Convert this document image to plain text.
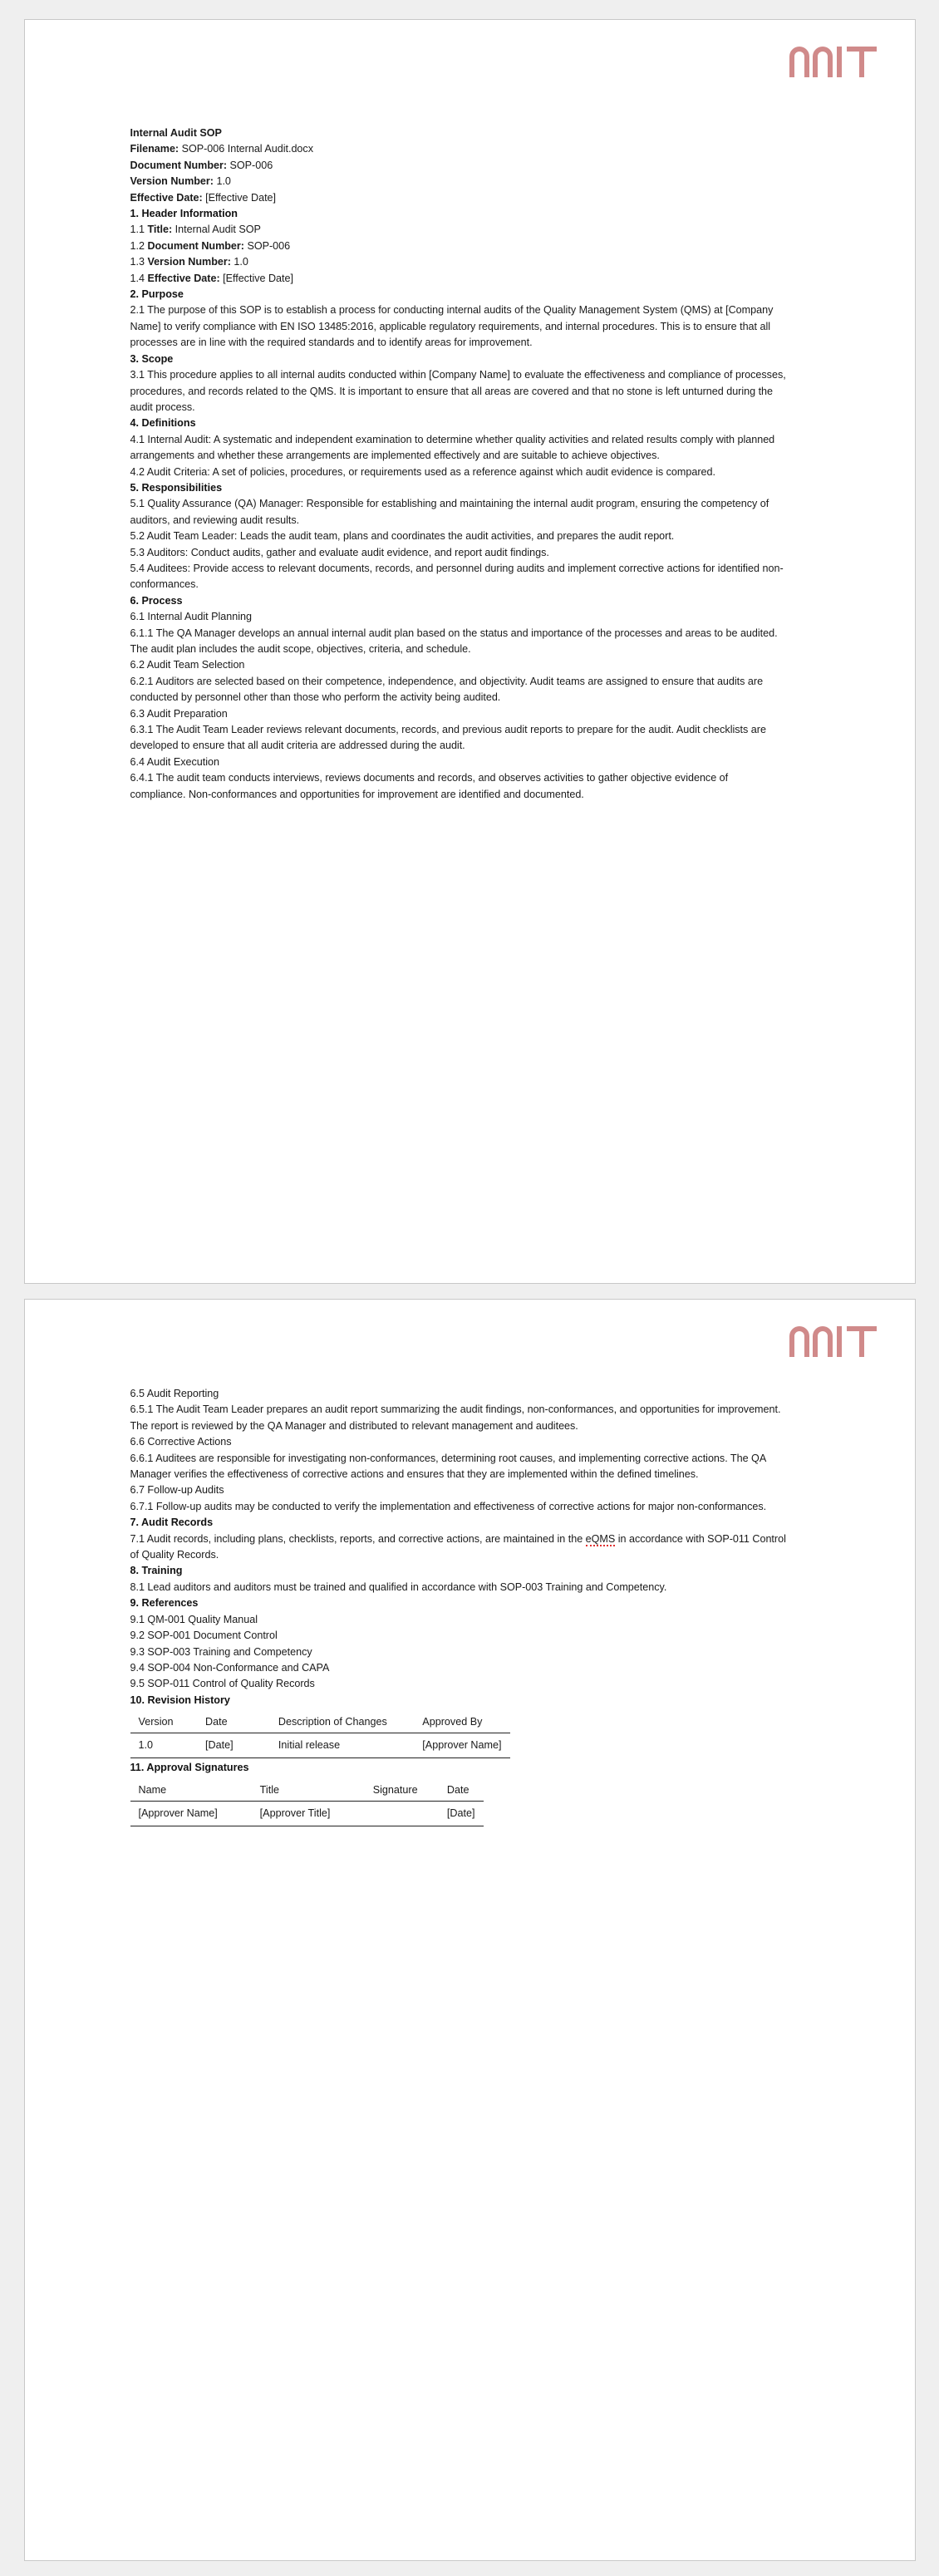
Internal Audit SOP
Filename: SOP-006 Internal Audit.docx
Document Number: SOP-006
Version Number: 1.0
Effective Date: [Effective Date]
1. Header Information
1.1 Title: Internal Audit SOP
1.2 Document Number: SOP-006
1.3 Version Number: 1.0
1.4 Effective Date: [Effective Date]
2. Purpose
2.1 The purpose of this SOP is to establish a process for conducting internal audits of the Quality Management System (QMS) at [Company Name] to verify compliance with EN ISO 13485:2016, applicable regulatory requirements, and internal procedures. This is to ensure that all processes are in line with the required standards and to identify areas for improvement.
3. Scope
3.1 This procedure applies to all internal audits conducted within [Company Name] to evaluate the effectiveness and compliance of processes, procedures, and records related to the QMS. It is important to ensure that all areas are covered and that no stone is left unturned during the audit process.
4. Definitions
4.1 Internal Audit: A systematic and independent examination to determine whether quality activities and related results comply with planned arrangements and whether these arrangements are implemented effectively and are suitable to achieve objectives.
4.2 Audit Criteria: A set of policies, procedures, or requirements used as a reference against which audit evidence is compared.
5. Responsibilities
5.1 Quality Assurance (QA) Manager: Responsible for establishing and maintaining the internal audit program, ensuring the competency of auditors, and reviewing audit results.
5.2 Audit Team Leader: Leads the audit team, plans and coordinates the audit activities, and prepares the audit report.
5.3 Auditors: Conduct audits, gather and evaluate audit evidence, and report audit findings.
5.4 Auditees: Provide access to relevant documents, records, and personnel during audits and implement corrective actions for identified non-conformances.
6. Process
6.1 Internal Audit Planning
6.1.1 The QA Manager develops an annual internal audit plan based on the status and importance of the processes and areas to be audited. The audit plan includes the audit scope, objectives, criteria, and schedule.
6.2 Audit Team Selection
6.2.1 Auditors are selected based on their competence, independence, and objectivity. Audit teams are assigned to ensure that audits are conducted by personnel other than those who perform the activity being audited.
6.3 Audit Preparation
6.3.1 The Audit Team Leader reviews relevant documents, records, and previous audit reports to prepare for the audit. Audit checklists are developed to ensure that all audit criteria are addressed during the audit.
6.4 Audit Execution
6.4.1 The audit team conducts interviews, reviews documents and records, and observes activities to gather objective evidence of compliance. Non-conformances and opportunities for improvement are identified and documented.
6.5 Audit Reporting
6.5.1 The Audit Team Leader prepares an audit report summarizing the audit findings, non-conformances, and opportunities for improvement. The report is reviewed by the QA Manager and distributed to relevant management and auditees.
6.6 Corrective Actions
6.6.1 Auditees are responsible for investigating non-conformances, determining root causes, and implementing corrective actions. The QA Manager verifies the effectiveness of corrective actions and ensures that they are implemented within the defined timelines.
6.7 Follow-up Audits
6.7.1 Follow-up audits may be conducted to verify the implementation and effectiveness of corrective actions for major non-conformances.
7. Audit Records
7.1 Audit records, including plans, checklists, reports, and corrective actions, are maintained in the eQMS in accordance with SOP-011 Control of Quality Records.
8. Training
8.1 Lead auditors and auditors must be trained and qualified in accordance with SOP-003 Training and Competency.
9. References
9.1 QM-001 Quality Manual
9.2 SOP-001 Document Control
9.3 SOP-003 Training and Competency
9.4 SOP-004 Non-Conformance and CAPA
9.5 SOP-011 Control of Quality Records
10. Revision History
Version	Date	Description of Changes	Approved By
1.0	[Date]	Initial release	[Approver Name]
11. Approval Signatures
Name	Title	Signature	Date
[Approver Name]	[Approver Title]		[Date]
